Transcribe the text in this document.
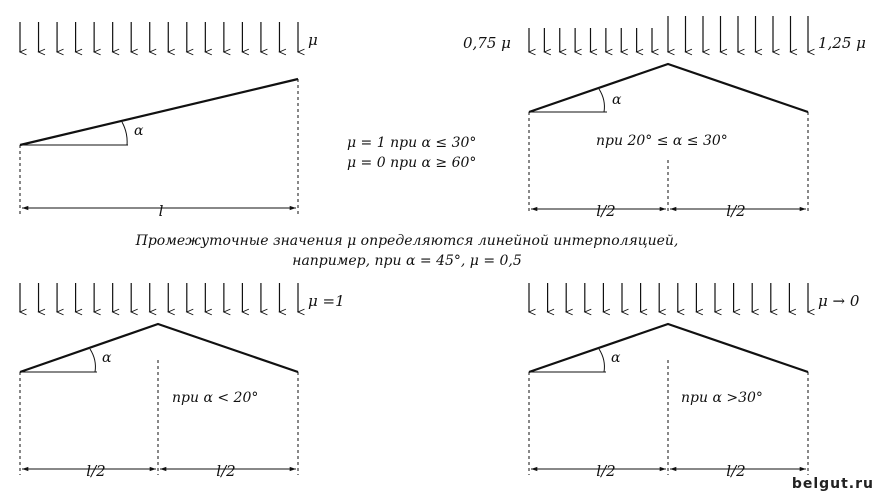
μ
α
l
μ = 1 при α ≤ 30°
μ = 0 при α ≥ 60°
0,75 μ	1,25 μ
α
при 20° ≤ α ≤ 30°
l/2	l/2
Промежуточные значения μ определяются линейной интерполяцией,
например, при α = 45°, μ = 0,5
μ =1
α
при α < 20°
l/2	l/2
μ → 0
α
при α >30°
l/2	l/2
belgut.ru
